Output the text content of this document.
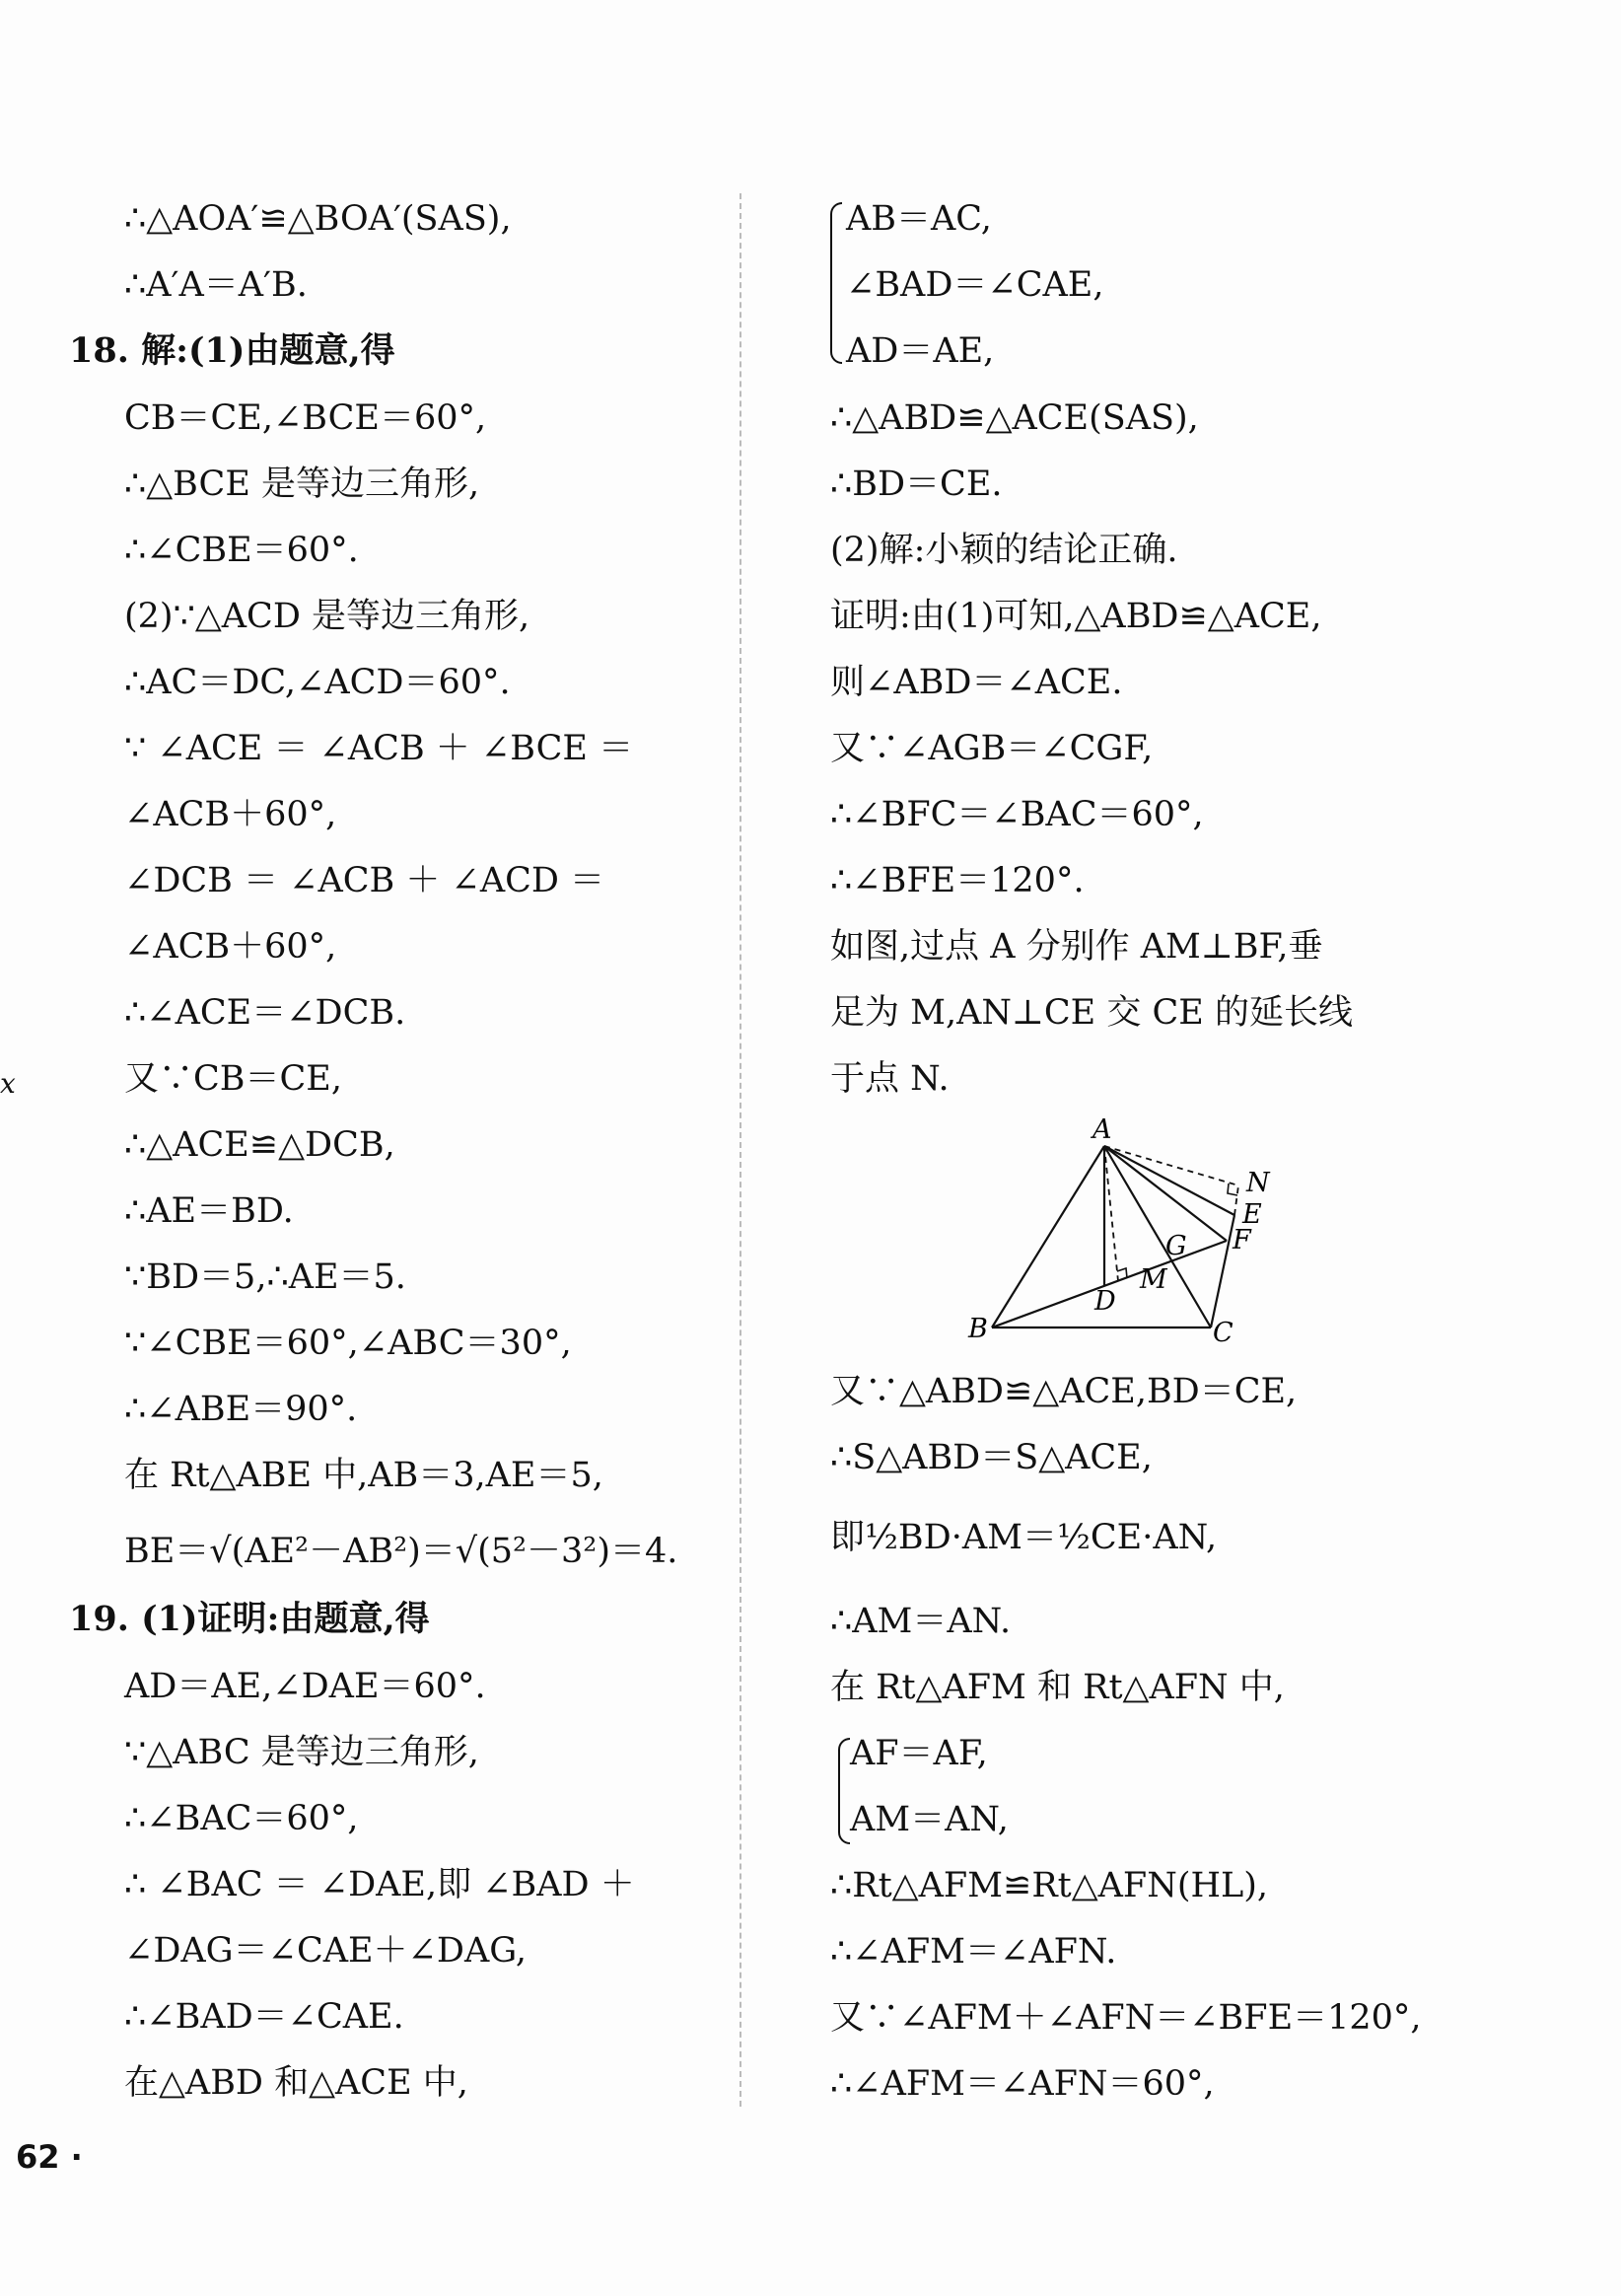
∴△AOA′≌△BOA′(SAS),
∴A′A＝A′B.
18. 解:(1)由题意,得
CB＝CE,∠BCE＝60°,
∴△BCE 是等边三角形,
∴∠CBE＝60°.
(2)∵△ACD 是等边三角形,
∴AC＝DC,∠ACD＝60°.
∵ ∠ACE ＝ ∠ACB ＋ ∠BCE ＝
∠ACB＋60°,
∠DCB ＝ ∠ACB ＋ ∠ACD ＝
∠ACB＋60°,
∴∠ACE＝∠DCB.
又∵CB＝CE,
∴△ACE≌△DCB,
∴AE＝BD.
∵BD＝5,∴AE＝5.
∵∠CBE＝60°,∠ABC＝30°,
∴∠ABE＝90°.
在 Rt△ABE 中,AB＝3,AE＝5,
BE＝√(AE²－AB²)＝√(5²－3²)＝4.
19. (1)证明:由题意,得
AD＝AE,∠DAE＝60°.
∵△ABC 是等边三角形,
∴∠BAC＝60°,
∴ ∠BAC ＝ ∠DAE,即 ∠BAD ＋
∠DAG＝∠CAE＋∠DAG,
∴∠BAD＝∠CAE.
在△ABD 和△ACE 中,
AB＝AC,
∠BAD＝∠CAE,
AD＝AE,
∴△ABD≌△ACE(SAS),
∴BD＝CE.
(2)解:小颖的结论正确.
证明:由(1)可知,△ABD≌△ACE,
则∠ABD＝∠ACE.
又∵∠AGB＝∠CGF,
∴∠BFC＝∠BAC＝60°,
∴∠BFE＝120°.
如图,过点 A 分别作 AM⊥BF,垂
足为 M,AN⊥CE 交 CE 的延长线
于点 N.
A
N
E
F
G
M
D
B	C
又∵△ABD≌△ACE,BD＝CE,
∴S△ABD＝S△ACE,
即½BD·AM＝½CE·AN,
∴AM＝AN.
在 Rt△AFM 和 Rt△AFN 中,
AF＝AF,
AM＝AN,
∴Rt△AFM≌Rt△AFN(HL),
∴∠AFM＝∠AFN.
又∵∠AFM＋∠AFN＝∠BFE＝120°,
∴∠AFM＝∠AFN＝60°,
x
62 ·
